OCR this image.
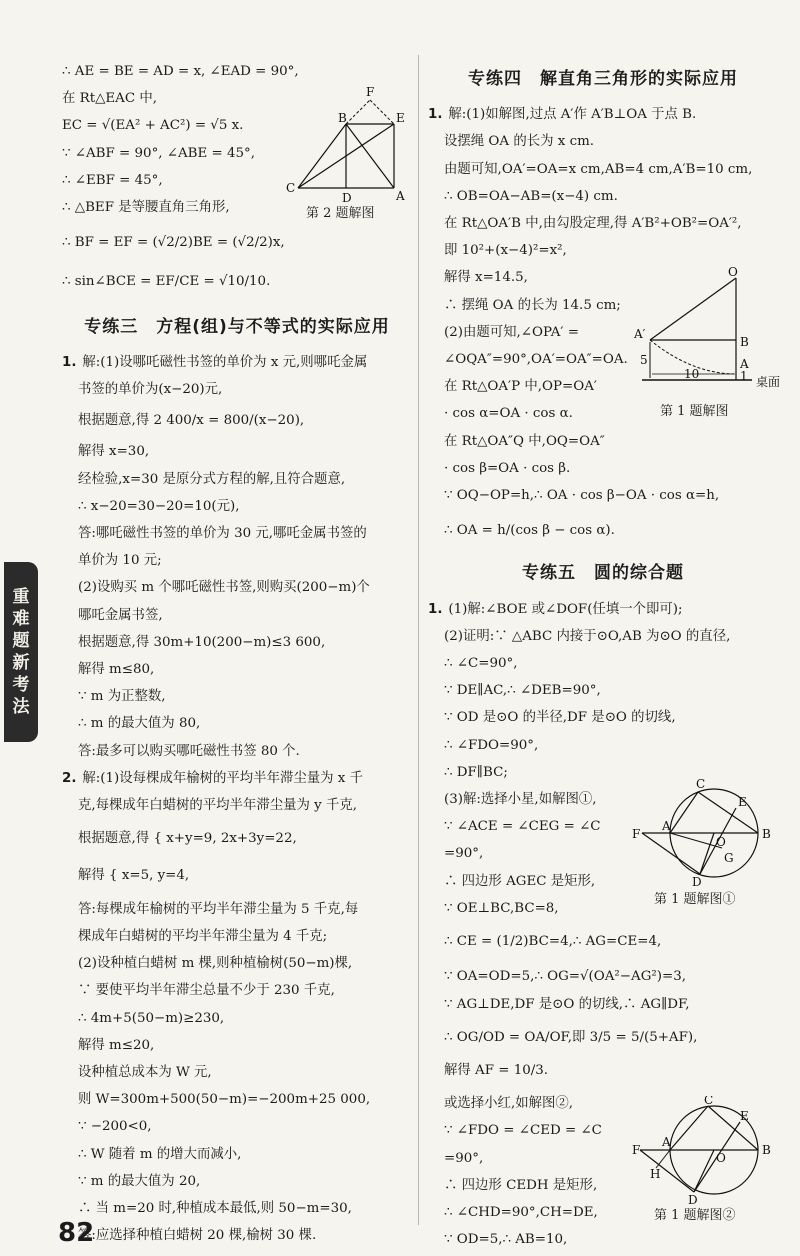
∴ AE = BE = AD = x, ∠EAD = 90°,
在 Rt△EAC 中,
EC = √(EA² + AC²) = √5 x.
∵ ∠ABF = 90°, ∠ABE = 45°,
∴ ∠EBF = 45°,
∴ △BEF 是等腰直角三角形,
∴ BF = EF = (√2/2)BE = (√2/2)x,
∴ sin∠BCE = EF/CE = √10/10.
专练三　方程(组)与不等式的实际应用
1. 解:(1)设哪吒磁性书签的单价为 x 元,则哪吒金属
书签的单价为(x−20)元,
根据题意,得 2 400/x = 800/(x−20),
解得 x=30,
经检验,x=30 是原分式方程的解,且符合题意,
∴ x−20=30−20=10(元),
答:哪吒磁性书签的单价为 30 元,哪吒金属书签的
单价为 10 元;
(2)设购买 m 个哪吒磁性书签,则购买(200−m)个
哪吒金属书签,
根据题意,得 30m+10(200−m)≤3 600,
解得 m≤80,
∵ m 为正整数,
∴ m 的最大值为 80,
答:最多可以购买哪吒磁性书签 80 个.
2. 解:(1)设每棵成年榆树的平均半年滞尘量为 x 千
克,每棵成年白蜡树的平均半年滞尘量为 y 千克,
根据题意,得 { x+y=9, 2x+3y=22,
解得 { x=5, y=4,
答:每棵成年榆树的平均半年滞尘量为 5 千克,每
棵成年白蜡树的平均半年滞尘量为 4 千克;
(2)设种植白蜡树 m 棵,则种植榆树(50−m)棵,
∵ 要使平均半年滞尘总量不少于 230 千克,
∴ 4m+5(50−m)≥230,
解得 m≤20,
设种植总成本为 W 元,
则 W=300m+500(50−m)=−200m+25 000,
∵ −200<0,
∴ W 随着 m 的增大而减小,
∵ m 的最大值为 20,
∴ 当 m=20 时,种植成本最低,则 50−m=30,
答:应选择种植白蜡树 20 棵,榆树 30 棵.
F
B	E
C
D	A
第 2 题解图
专练四　解直角三角形的实际应用
1. 解:(1)如解图,过点 A′作 A′B⊥OA 于点 B.
设摆绳 OA 的长为 x cm.
由题可知,OA′=OA=x cm,AB=4 cm,A′B=10 cm,
∴ OB=OA−AB=(x−4) cm.
在 Rt△OA′B 中,由勾股定理,得 A′B²+OB²=OA′²,
即 10²+(x−4)²=x²,
解得 x=14.5,
∴ 摆绳 OA 的长为 14.5 cm;
(2)由题可知,∠OPA′ =
∠OQA″=90°,OA′=OA″=OA.
在 Rt△OA′P 中,OP=OA′
· cos α=OA · cos α.
在 Rt△OA″Q 中,OQ=OA″
· cos β=OA · cos β.
∵ OQ−OP=h,∴ OA · cos β−OA · cos α=h,
∴ OA = h/(cos β − cos α).
专练五　圆的综合题
1. (1)解:∠BOE 或∠DOF(任填一个即可);
(2)证明:∵ △ABC 内接于⊙O,AB 为⊙O 的直径,
∴ ∠C=90°,
∵ DE∥AC,∴ ∠DEB=90°,
∵ OD 是⊙O 的半径,DF 是⊙O 的切线,
∴ ∠FDO=90°,
∴ DF∥BC;
(3)解:选择小星,如解图①,
∵ ∠ACE = ∠CEG = ∠C
=90°,
∴ 四边形 AGEC 是矩形,
∵ OE⊥BC,BC=8,
∴ CE = (1/2)BC=4,∴ AG=CE=4,
∵ OA=OD=5,∴ OG=√(OA²−AG²)=3,
∵ AG⊥DE,DF 是⊙O 的切线,∴ AG∥DF,
∴ OG/OD = OA/OF,即 3/5 = 5/(5+AF),
解得 AF = 10/3.
或选择小红,如解图②,
∵ ∠FDO = ∠CED = ∠C
=90°,
∴ 四边形 CEDH 是矩形,
∴ ∠CHD=90°,CH=DE,
∵ OD=5,∴ AB=10,
O
A′
B
A
5
10	1 桌面
第 1 题解图
C
F
A
E
O
G
D
B
第 1 题解图①
C
F
A
E
O
H
D
B
第 1 题解图②
重
难
题
新
考
法
82
